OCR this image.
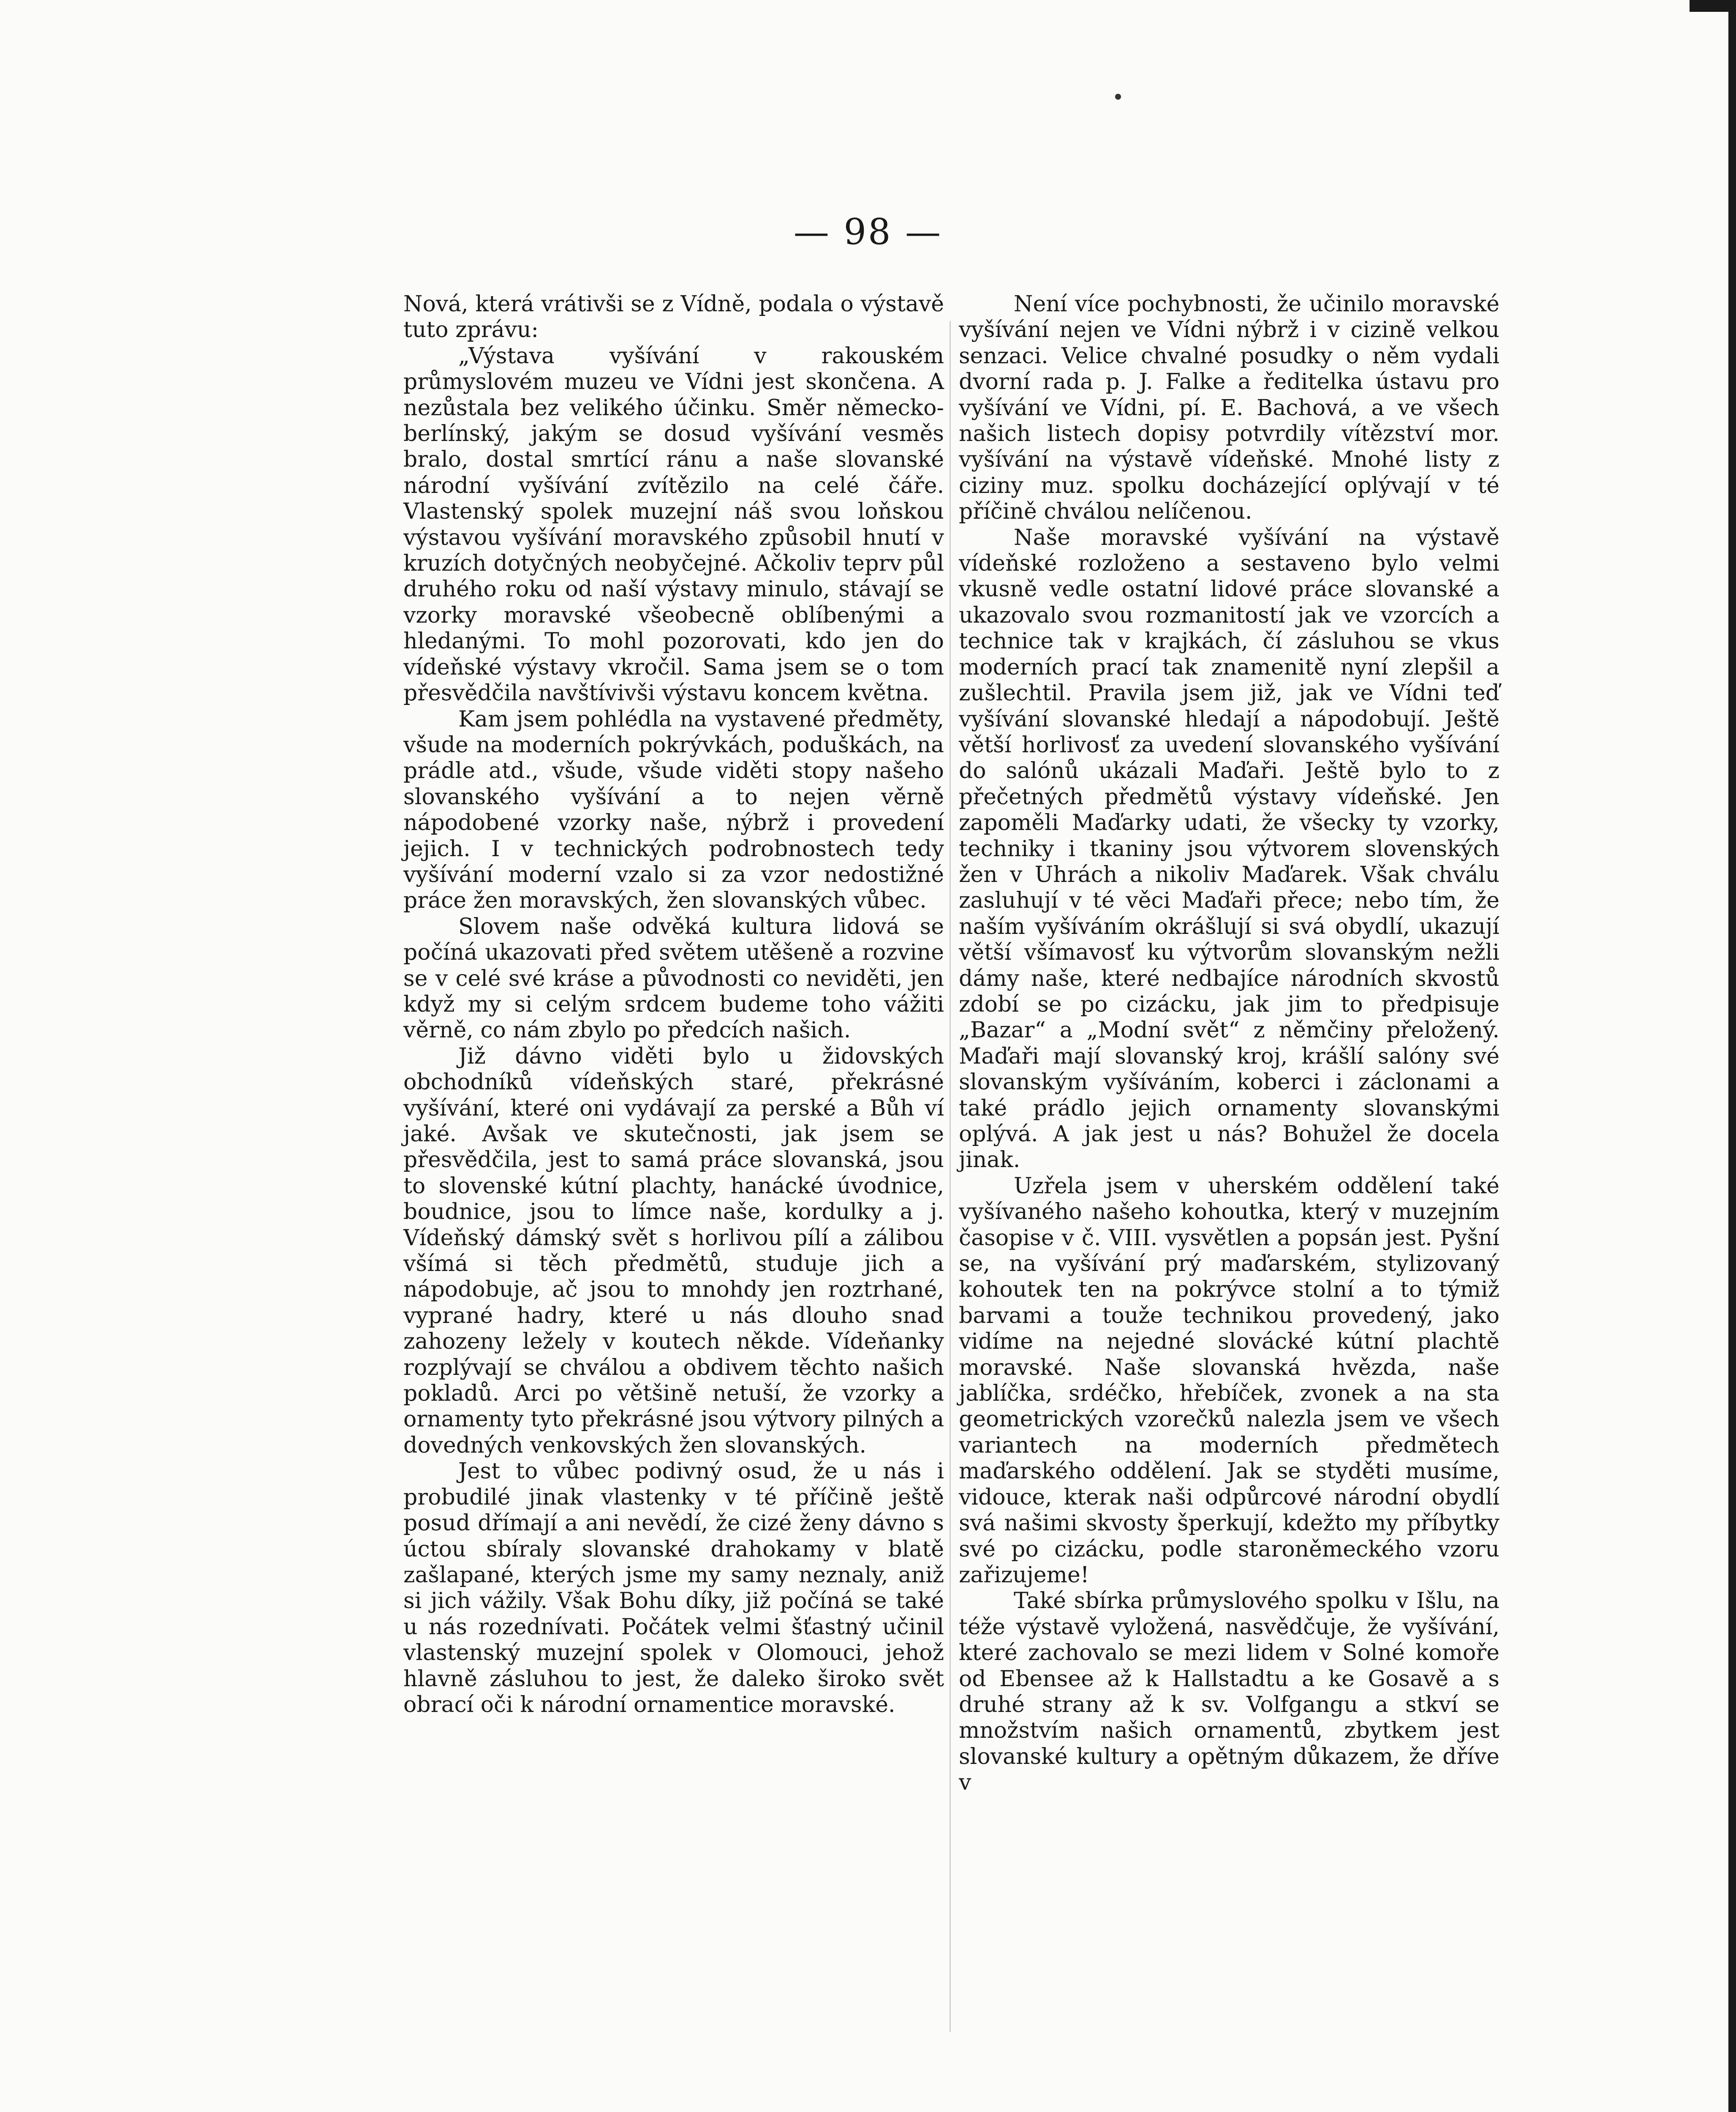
— 98 —

Nová, která vrátivši se z Vídně, podala o výstavě tuto zprávu:

„Výstava vyšívání v rakouském průmyslovém muzeu ve Vídni jest skončena. A nezůstala bez velikého účinku. Směr německo-berlínský, jakým se dosud vyšívání vesměs bralo, dostal smrtící ránu a naše slovanské národní vyšívání zvítězilo na celé čáře. Vlastenský spolek muzejní náš svou loňskou výstavou vyšívání moravského způsobil hnutí v kruzích dotyčných neobyčejné. Ačkoliv teprv půl druhého roku od naší výstavy minulo, stávají se vzorky moravské všeobecně oblíbenými a hledanými. To mohl pozorovati, kdo jen do vídeňské výstavy vkročil. Sama jsem se o tom přesvědčila navštívivši výstavu koncem května.

Kam jsem pohlédla na vystavené předměty, všude na moderních pokrývkách, poduškách, na prádle atd., všude, všude viděti stopy našeho slovanského vyšívání a to nejen věrně nápodobené vzorky naše, nýbrž i provedení jejich. I v technických podrobnostech tedy vyšívání moderní vzalo si za vzor nedostižné práce žen moravských, žen slovanských vůbec.

Slovem naše odvěká kultura lidová se počíná ukazovati před světem utěšeně a rozvine se v celé své kráse a původnosti co neviděti, jen když my si celým srdcem budeme toho vážiti věrně, co nám zbylo po předcích našich.

Již dávno viděti bylo u židovských obchodníků vídeňských staré, překrásné vyšívání, které oni vydávají za perské a Bůh ví jaké. Avšak ve skutečnosti, jak jsem se přesvědčila, jest to samá práce slovanská, jsou to slovenské kútní plachty, hanácké úvodnice, boudnice, jsou to límce naše, kordulky a j. Vídeňský dámský svět s horlivou pílí a zálibou všímá si těch předmětů, studuje jich a nápodobuje, ač jsou to mnohdy jen roztrhané, vyprané hadry, které u nás dlouho snad zahozeny ležely v koutech někde. Vídeňanky rozplývají se chválou a obdivem těchto našich pokladů. Arci po většině netuší, že vzorky a ornamenty tyto překrásné jsou výtvory pilných a dovedných venkovských žen slovanských.

Jest to vůbec podivný osud, že u nás i probudilé jinak vlastenky v té příčině ještě posud dřímají a ani nevědí, že cizé ženy dávno s úctou sbíraly slovanské drahokamy v blatě zašlapané, kterých jsme my samy neznaly, aniž si jich vážily. Však Bohu díky, již počíná se také u nás rozednívati. Počátek velmi šťastný učinil vlastenský muzejní spolek v Olomouci, jehož hlavně zásluhou to jest, že daleko široko svět obrací oči k národní ornamentice moravské.

Není více pochybnosti, že učinilo moravské vyšívání nejen ve Vídni nýbrž i v cizině velkou senzaci. Velice chvalné posudky o něm vydali dvorní rada p. J. Falke a ředitelka ústavu pro vyšívání ve Vídni, pí. E. Bachová, a ve všech našich listech dopisy potvrdily vítězství mor. vyšívání na výstavě vídeňské. Mnohé listy z ciziny muz. spolku docházející oplývají v té příčině chválou nelíčenou.

Naše moravské vyšívání na výstavě vídeňské rozloženo a sestaveno bylo velmi vkusně vedle ostatní lidové práce slovanské a ukazovalo svou rozmanitostí jak ve vzorcích a technice tak v krajkách, čí zásluhou se vkus moderních prací tak znamenitě nyní zlepšil a zušlechtil. Pravila jsem již, jak ve Vídni teď vyšívání slovanské hledají a nápodobují. Ještě větší horlivosť za uvedení slovanského vyšívání do salónů ukázali Maďaři. Ještě bylo to z přečetných předmětů výstavy vídeňské. Jen zapoměli Maďarky udati, že všecky ty vzorky, techniky i tkaniny jsou výtvorem slovenských žen v Uhrách a nikoliv Maďarek. Však chválu zasluhují v té věci Maďaři přece; nebo tím, že naším vyšíváním okrášlují si svá obydlí, ukazují větší všímavosť ku výtvorům slovanským nežli dámy naše, které nedbajíce národních skvostů zdobí se po cizácku, jak jim to předpisuje „Bazar“ a „Modní svět“ z němčiny přeložený. Maďaři mají slovanský kroj, krášlí salóny své slovanským vyšíváním, koberci i záclonami a také prádlo jejich ornamenty slovanskými oplývá. A jak jest u nás? Bohužel že docela jinak.

Uzřela jsem v uherském oddělení také vyšívaného našeho kohoutka, který v muzejním časopise v č. VIII. vysvětlen a popsán jest. Pyšní se, na vyšívání prý maďarském, stylizovaný kohoutek ten na pokrývce stolní a to týmiž barvami a touže technikou provedený, jako vidíme na nejedné slovácké kútní plachtě moravské. Naše slovanská hvězda, naše jablíčka, srdéčko, hřebíček, zvonek a na sta geometrických vzorečků nalezla jsem ve všech variantech na moderních předmětech maďarského oddělení. Jak se styděti musíme, vidouce, kterak naši odpůrcové národní obydlí svá našimi skvosty šperkují, kdežto my příbytky své po cizácku, podle staroněmeckého vzoru zařizujeme!

Také sbírka průmyslového spolku v Išlu, na téže výstavě vyložená, nasvědčuje, že vyšívání, které zachovalo se mezi lidem v Solné komoře od Ebensee až k Hallstadtu a ke Gosavě a s druhé strany až k sv. Volfgangu a stkví se množstvím našich ornamentů, zbytkem jest slovanské kultury a opětným důkazem, že dříve v
